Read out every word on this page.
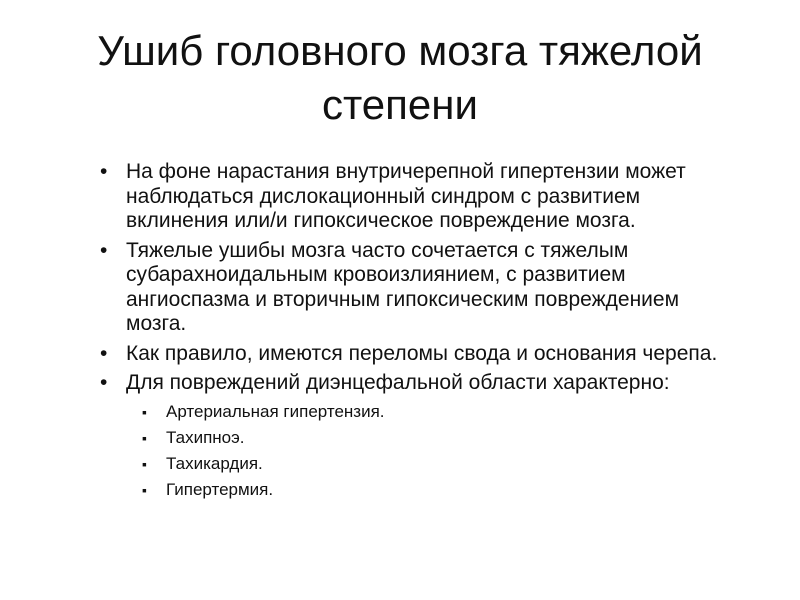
Ушиб головного мозга тяжелой степени
• На фоне нарастания внутричерепной гипертензии может наблюдаться дислокационный синдром с развитием вклинения или/и гипоксическое повреждение мозга.
• Тяжелые ушибы мозга часто сочетается с тяжелым субарахноидальным кровоизлиянием, с развитием ангиоспазма и вторичным гипоксическим повреждением мозга.
• Как правило, имеются переломы свода и основания черепа.
• Для повреждений диэнцефальной области характерно:
▪ Артериальная гипертензия.
▪ Тахипноэ.
▪ Тахикардия.
▪ Гипертермия.
